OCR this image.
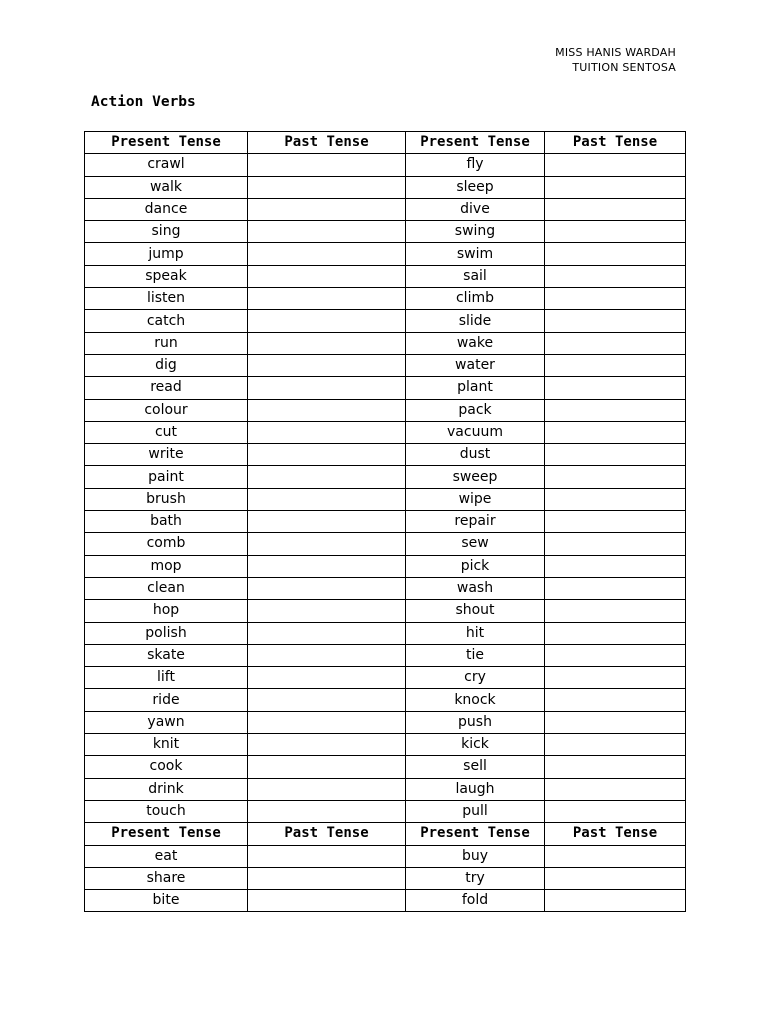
MISS HANIS WARDAH
TUITION SENTOSA
Action Verbs
Present Tense	Past Tense	Present Tense	Past Tense
crawl		fly	
walk		sleep	
dance		dive	
sing		swing	
jump		swim	
speak		sail	
listen		climb	
catch		slide	
run		wake	
dig		water	
read		plant	
colour		pack	
cut		vacuum	
write		dust	
paint		sweep	
brush		wipe	
bath		repair	
comb		sew	
mop		pick	
clean		wash	
hop		shout	
polish		hit	
skate		tie	
lift		cry	
ride		knock	
yawn		push	
knit		kick	
cook		sell	
drink		laugh	
touch		pull	
Present Tense	Past Tense	Present Tense	Past Tense
eat		buy	
share		try	
bite		fold	
